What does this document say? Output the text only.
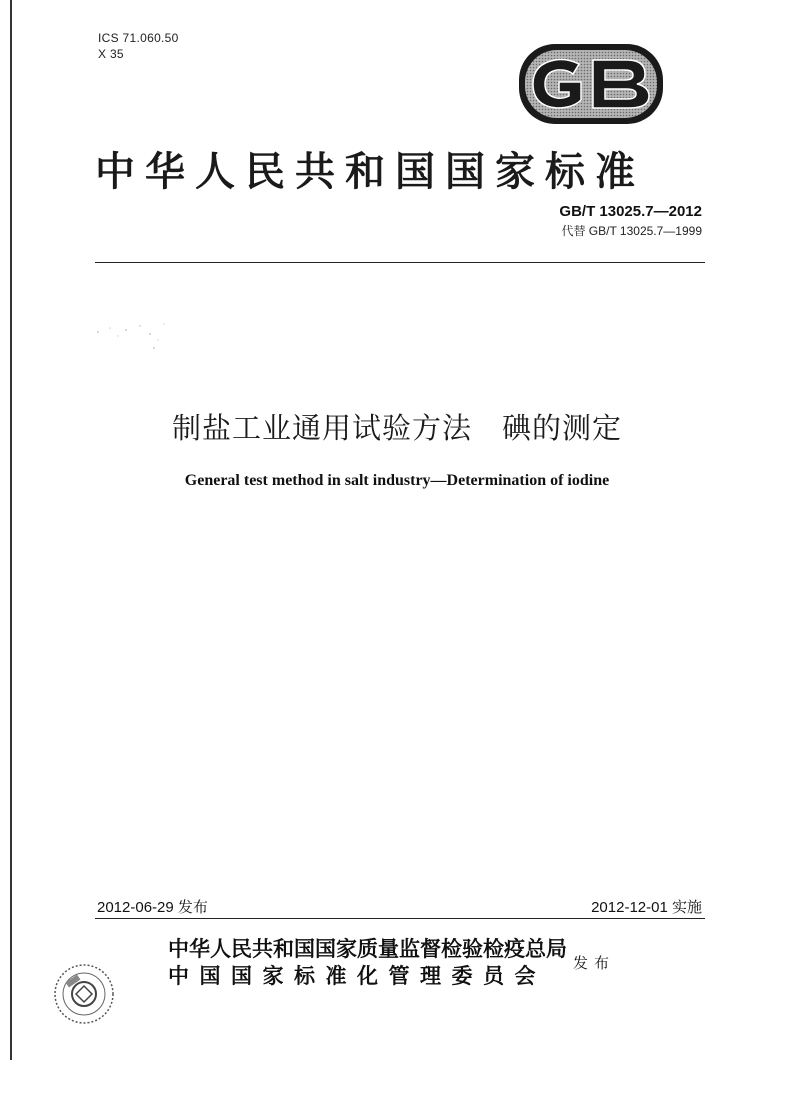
ICS 71.060.50
X 35
中华人民共和国国家标准
GB/T 13025.7—2012
代替 GB/T 13025.7—1999
制盐工业通用试验方法　碘的测定
General test method in salt industry—Determination of iodine
2012-06-29 发布	2012-12-01 实施
中华人民共和国国家质量监督检验检疫总局
中国国家标准化管理委员会
发布
